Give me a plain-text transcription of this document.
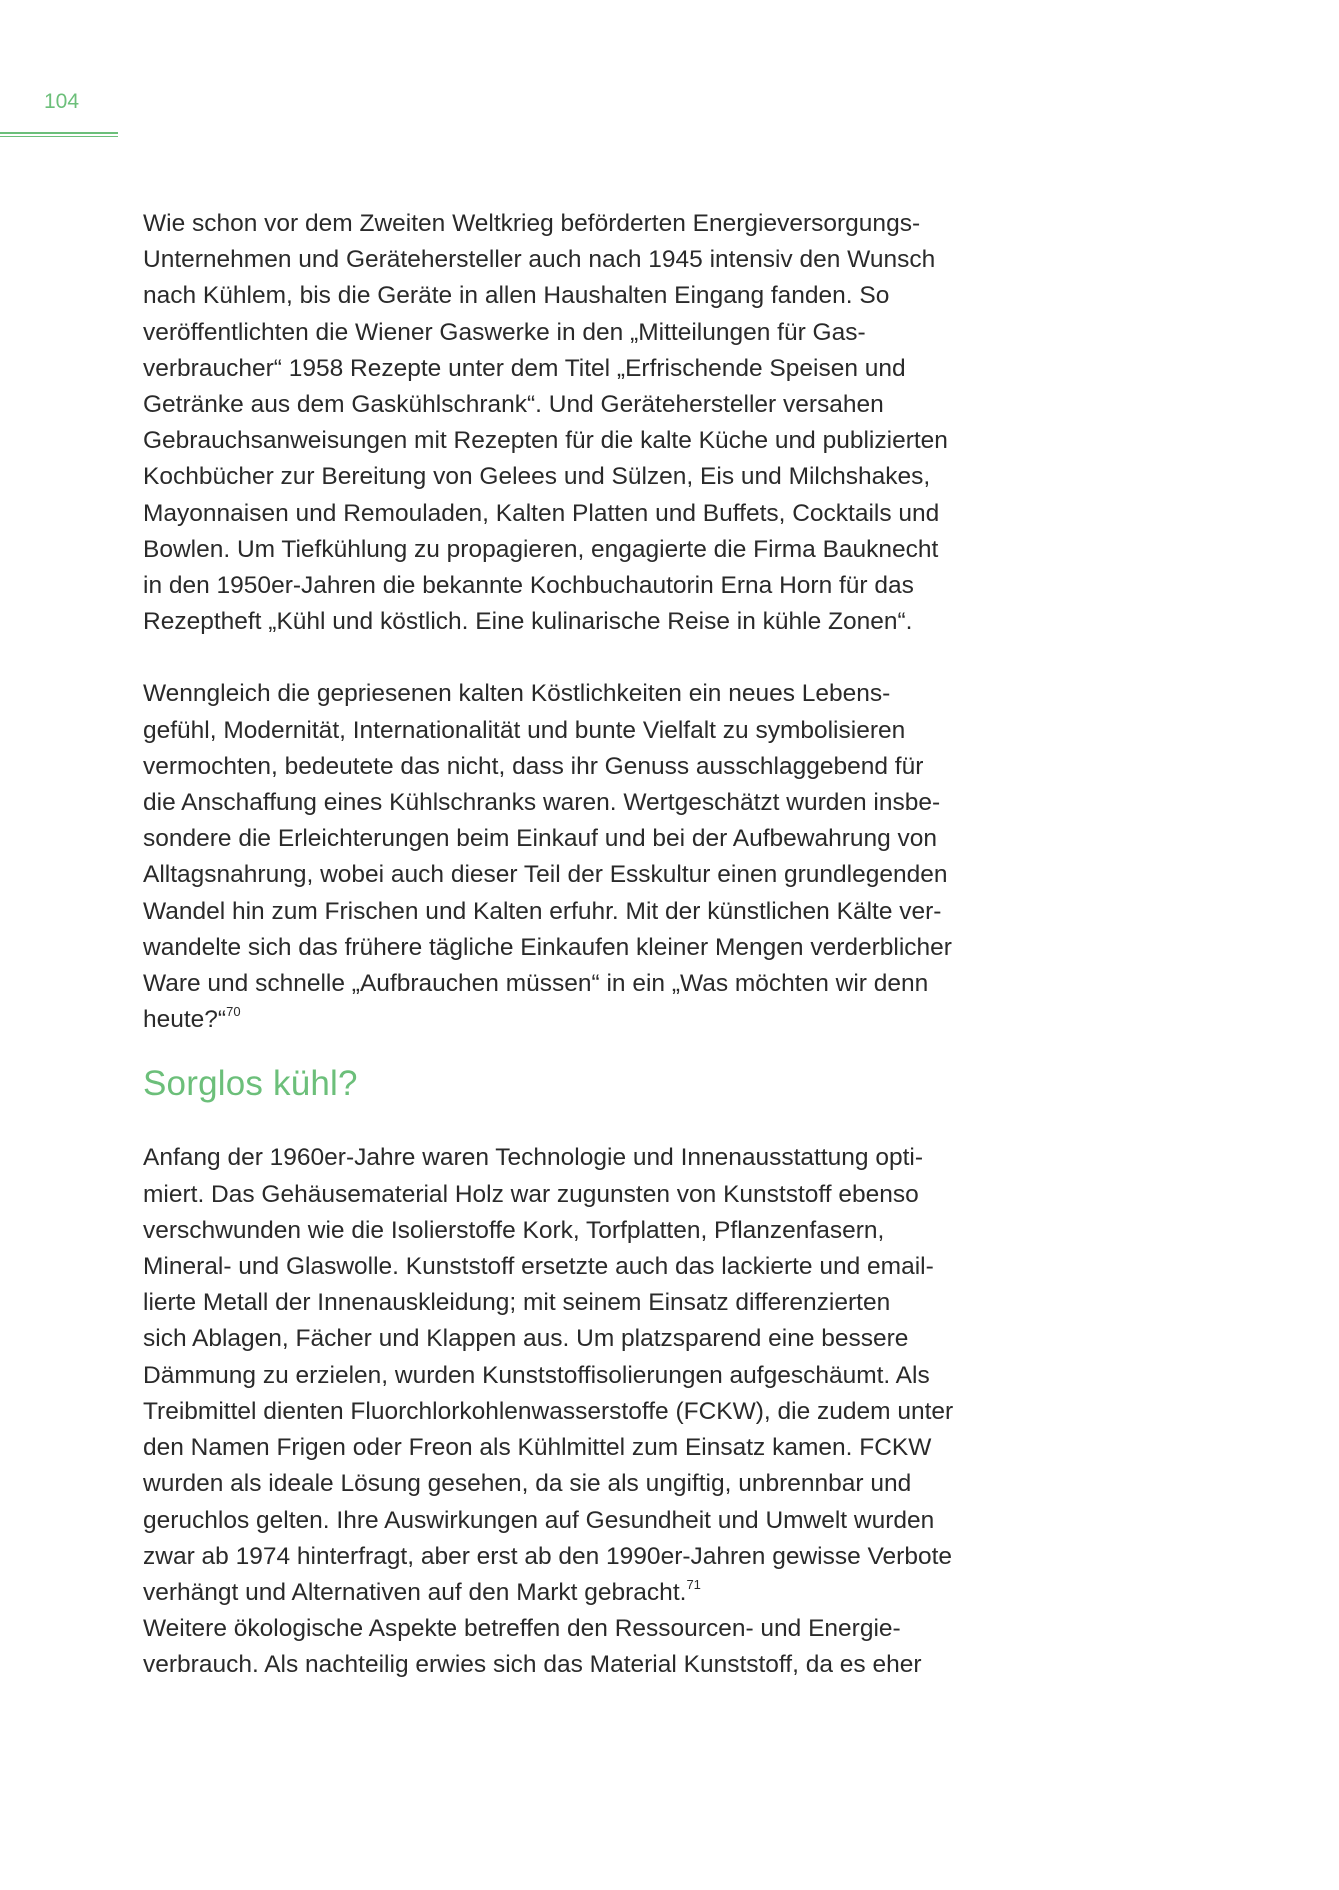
104

Wie schon vor dem Zweiten Weltkrieg beförderten Energieversorgungs-
Unternehmen und Gerätehersteller auch nach 1945 intensiv den Wunsch
nach Kühlem, bis die Geräte in allen Haushalten Eingang fanden. So
veröffentlichten die Wiener Gaswerke in den „Mitteilungen für Gas-
verbraucher“ 1958 Rezepte unter dem Titel „Erfrischende Speisen und
Getränke aus dem Gaskühlschrank“. Und Gerätehersteller versahen
Gebrauchsanweisungen mit Rezepten für die kalte Küche und publizierten
Kochbücher zur Bereitung von Gelees und Sülzen, Eis und Milchshakes,
Mayonnaisen und Remouladen, Kalten Platten und Buffets, Cocktails und
Bowlen. Um Tiefkühlung zu propagieren, engagierte die Firma Bauknecht
in den 1950er-Jahren die bekannte Kochbuchautorin Erna Horn für das
Rezeptheft „Kühl und köstlich. Eine kulinarische Reise in kühle Zonen“.

Wenngleich die gepriesenen kalten Köstlichkeiten ein neues Lebens-
gefühl, Modernität, Internationalität und bunte Vielfalt zu symbolisieren
vermochten, bedeutete das nicht, dass ihr Genuss ausschlaggebend für
die Anschaffung eines Kühlschranks waren. Wertgeschätzt wurden insbe-
sondere die Erleichterungen beim Einkauf und bei der Aufbewahrung von
Alltagsnahrung, wobei auch dieser Teil der Esskultur einen grundlegenden
Wandel hin zum Frischen und Kalten erfuhr. Mit der künstlichen Kälte ver-
wandelte sich das frühere tägliche Einkaufen kleiner Mengen verderblicher
Ware und schnelle „Aufbrauchen müssen“ in ein „Was möchten wir denn
heute?“$^{70}$

Sorglos kühl?

Anfang der 1960er-Jahre waren Technologie und Innenausstattung opti-
miert. Das Gehäusematerial Holz war zugunsten von Kunststoff ebenso
verschwunden wie die Isolierstoffe Kork, Torfplatten, Pflanzenfasern,
Mineral- und Glaswolle. Kunststoff ersetzte auch das lackierte und email-
lierte Metall der Innenauskleidung; mit seinem Einsatz differenzierten
sich Ablagen, Fächer und Klappen aus. Um platzsparend eine bessere
Dämmung zu erzielen, wurden Kunststoffisolierungen aufgeschäumt. Als
Treibmittel dienten Fluorchlorkohlenwasserstoffe (FCKW), die zudem unter
den Namen Frigen oder Freon als Kühlmittel zum Einsatz kamen. FCKW
wurden als ideale Lösung gesehen, da sie als ungiftig, unbrennbar und
geruchlos gelten. Ihre Auswirkungen auf Gesundheit und Umwelt wurden
zwar ab 1974 hinterfragt, aber erst ab den 1990er-Jahren gewisse Verbote
verhängt und Alternativen auf den Markt gebracht.$^{71}$

Weitere ökologische Aspekte betreffen den Ressourcen- und Energie-
verbrauch. Als nachteilig erwies sich das Material Kunststoff, da es eher
